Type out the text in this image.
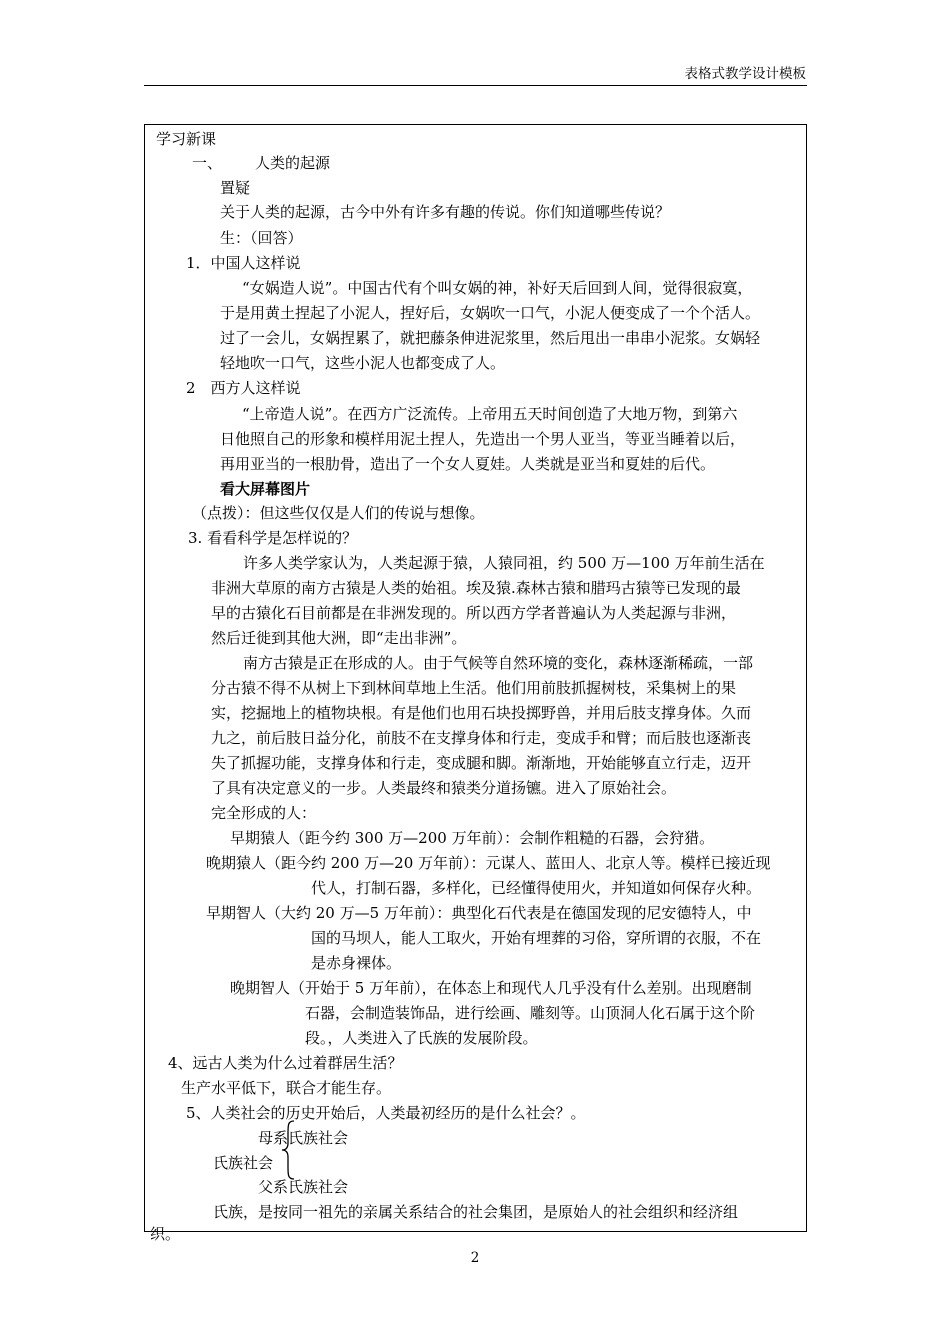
表格式教学设计模板
学习新课
一、 人类的起源
置疑
关于人类的起源，古今中外有许多有趣的传说。你们知道哪些传说？
生：（回答）
1．中国人这样说
“女娲造人说”。中国古代有个叫女娲的神，补好天后回到人间，觉得很寂寞，
于是用黄土捏起了小泥人，捏好后，女娲吹一口气，小泥人便变成了一个个活人。
过了一会儿，女娲捏累了，就把藤条伸进泥浆里，然后甩出一串串小泥浆。女娲轻
轻地吹一口气，这些小泥人也都变成了人。
2　西方人这样说
“上帝造人说”。在西方广泛流传。上帝用五天时间创造了大地万物，到第六
日他照自己的形象和模样用泥土捏人，先造出一个男人亚当，等亚当睡着以后，
再用亚当的一根肋骨，造出了一个女人夏娃。人类就是亚当和夏娃的后代。
看大屏幕图片
（点拨）：但这些仅仅是人们的传说与想像。
3. 看看科学是怎样说的？
许多人类学家认为，人类起源于猿，人猿同祖，约 500 万—100 万年前生活在
非洲大草原的南方古猿是人类的始祖。埃及猿.森林古猿和腊玛古猿等已发现的最
早的古猿化石目前都是在非洲发现的。所以西方学者普遍认为人类起源与非洲，
然后迁徙到其他大洲，即“走出非洲”。
南方古猿是正在形成的人。由于气候等自然环境的变化，森林逐渐稀疏，一部
分古猿不得不从树上下到林间草地上生活。他们用前肢抓握树枝，采集树上的果
实，挖掘地上的植物块根。有是他们也用石块投掷野兽，并用后肢支撑身体。久而
九之，前后肢日益分化，前肢不在支撑身体和行走，变成手和臂；而后肢也逐渐丧
失了抓握功能，支撑身体和行走，变成腿和脚。渐渐地，开始能够直立行走，迈开
了具有决定意义的一步。人类最终和猿类分道扬镳。进入了原始社会。
完全形成的人：
早期猿人（距今约 300 万—200 万年前）：会制作粗糙的石器，会狩猎。
晚期猿人（距今约 200 万—20 万年前）：元谋人、蓝田人、北京人等。模样已接近现
代人，打制石器，多样化，已经懂得使用火，并知道如何保存火种。
早期智人（大约 20 万—5 万年前）：典型化石代表是在德国发现的尼安德特人，中
国的马坝人，能人工取火，开始有埋葬的习俗，穿所谓的衣服，不在
是赤身裸体。
晚期智人（开始于 5 万年前），在体态上和现代人几乎没有什么差别。出现磨制
石器，会制造装饰品，进行绘画、雕刻等。山顶洞人化石属于这个阶
段。，人类进入了氏族的发展阶段。
4、远古人类为什么过着群居生活？
生产水平低下，联合才能生存。
5、人类社会的历史开始后，人类最初经历的是什么社会？。
母系氏族社会
氏族社会
父系氏族社会
氏族，是按同一祖先的亲属关系结合的社会集团，是原始人的社会组织和经济组
织。
2
